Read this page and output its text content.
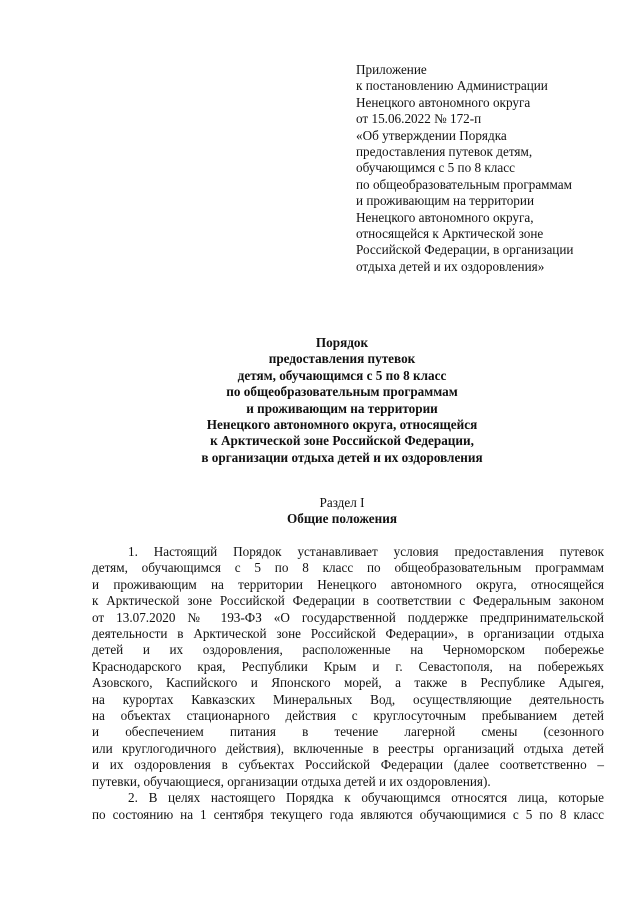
Приложение
к постановлению Администрации
Ненецкого автономного округа
от 15.06.2022 № 172-п
«Об утверждении Порядка
предоставления путевок детям,
обучающимся с 5 по 8 класс
по общеобразовательным программам
и проживающим на территории
Ненецкого автономного округа,
относящейся к Арктической зоне
Российской Федерации, в организации
отдыха детей и их оздоровления»
Порядок
предоставления путевок
детям, обучающимся с 5 по 8 класс
по общеобразовательным программам
и проживающим на территории
Ненецкого автономного округа, относящейся
к Арктической зоне Российской Федерации,
в организации отдыха детей и их оздоровления
Раздел I
Общие положения
1. Настоящий Порядок устанавливает условия предоставления путевок
детям, обучающимся с 5 по 8 класс по общеобразовательным программам
и проживающим на территории Ненецкого автономного округа, относящейся
к Арктической зоне Российской Федерации в соответствии с Федеральным законом
от 13.07.2020 № 193-ФЗ «О государственной поддержке предпринимательской
деятельности в Арктической зоне Российской Федерации», в организации отдыха
детей и их оздоровления, расположенные на Черноморском побережье
Краснодарского края, Республики Крым и г. Севастополя, на побережьях
Азовского, Каспийского и Японского морей, а также в Республике Адыгея,
на курортах Кавказских Минеральных Вод, осуществляющие деятельность
на объектах стационарного действия с круглосуточным пребыванием детей
и обеспечением питания в течение лагерной смены (сезонного
или круглогодичного действия), включенные в реестры организаций отдыха детей
и их оздоровления в субъектах Российской Федерации (далее соответственно –
путевки, обучающиеся, организации отдыха детей и их оздоровления).
2. В целях настоящего Порядка к обучающимся относятся лица, которые
по состоянию на 1 сентября текущего года являются обучающимися с 5 по 8 класс
